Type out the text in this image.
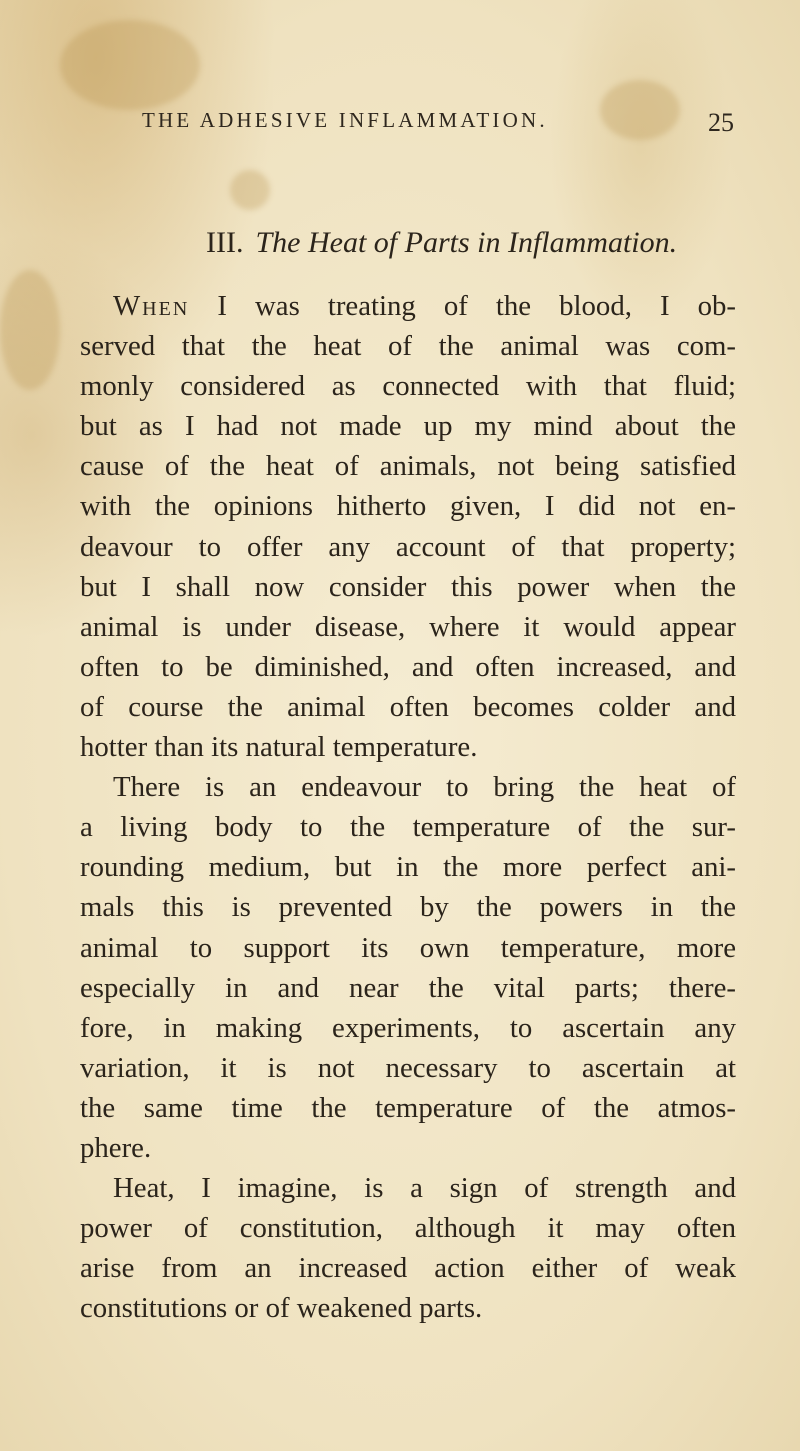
THE ADHESIVE INFLAMMATION.	25
III. The Heat of Parts in Inflammation.
When I was treating of the blood, I ob-
served that the heat of the animal was com-
monly considered as connected with that fluid;
but as I had not made up my mind about the
cause of the heat of animals, not being satisfied
with the opinions hitherto given, I did not en-
deavour to offer any account of that property;
but I shall now consider this power when the
animal is under disease, where it would appear
often to be diminished, and often increased, and
of course the animal often becomes colder and
hotter than its natural temperature.
There is an endeavour to bring the heat of
a living body to the temperature of the sur-
rounding medium, but in the more perfect ani-
mals this is prevented by the powers in the
animal to support its own temperature, more
especially in and near the vital parts; there-
fore, in making experiments, to ascertain any
variation, it is not necessary to ascertain at
the same time the temperature of the atmos-
phere.
Heat, I imagine, is a sign of strength and
power of constitution, although it may often
arise from an increased action either of weak
constitutions or of weakened parts.
